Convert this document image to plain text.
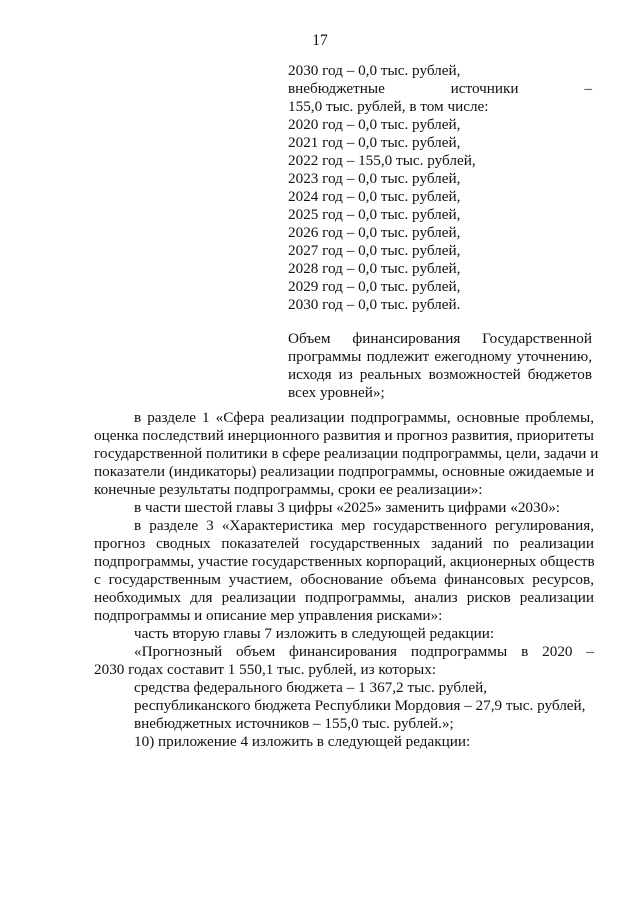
17
2030 год – 0,0 тыс. рублей,
внебюджетные	источники	–
155,0 тыс. рублей, в том числе:
2020 год – 0,0 тыс. рублей,
2021 год – 0,0 тыс. рублей,
2022 год – 155,0 тыс. рублей,
2023 год – 0,0 тыс. рублей,
2024 год – 0,0 тыс. рублей,
2025 год – 0,0 тыс. рублей,
2026 год – 0,0 тыс. рублей,
2027 год – 0,0 тыс. рублей,
2028 год – 0,0 тыс. рублей,
2029 год – 0,0 тыс. рублей,
2030 год – 0,0 тыс. рублей.
Объем финансирования Государственной
программы подлежит ежегодному уточнению,
исходя из реальных возможностей бюджетов
всех уровней»;
в разделе 1 «Сфера реализации подпрограммы, основные проблемы,
оценка последствий инерционного развития и прогноз развития, приоритеты
государственной политики в сфере реализации подпрограммы, цели, задачи и
показатели (индикаторы) реализации подпрограммы, основные ожидаемые и
конечные результаты подпрограммы, сроки ее реализации»:
в части шестой главы 3 цифры «2025» заменить цифрами «2030»:
в разделе 3 «Характеристика мер государственного регулирования,
прогноз сводных показателей государственных заданий по реализации
подпрограммы, участие государственных корпораций, акционерных обществ
с государственным участием, обоснование объема финансовых ресурсов,
необходимых для реализации подпрограммы, анализ рисков реализации
подпрограммы и описание мер управления рисками»:
часть вторую главы 7 изложить в следующей редакции:
«Прогнозный объем финансирования подпрограммы в 2020 –
2030 годах составит 1 550,1 тыс. рублей, из которых:
средства федерального бюджета – 1 367,2 тыс. рублей,
республиканского бюджета Республики Мордовия – 27,9 тыс. рублей,
внебюджетных источников – 155,0 тыс. рублей.»;
10) приложение 4 изложить в следующей редакции:
